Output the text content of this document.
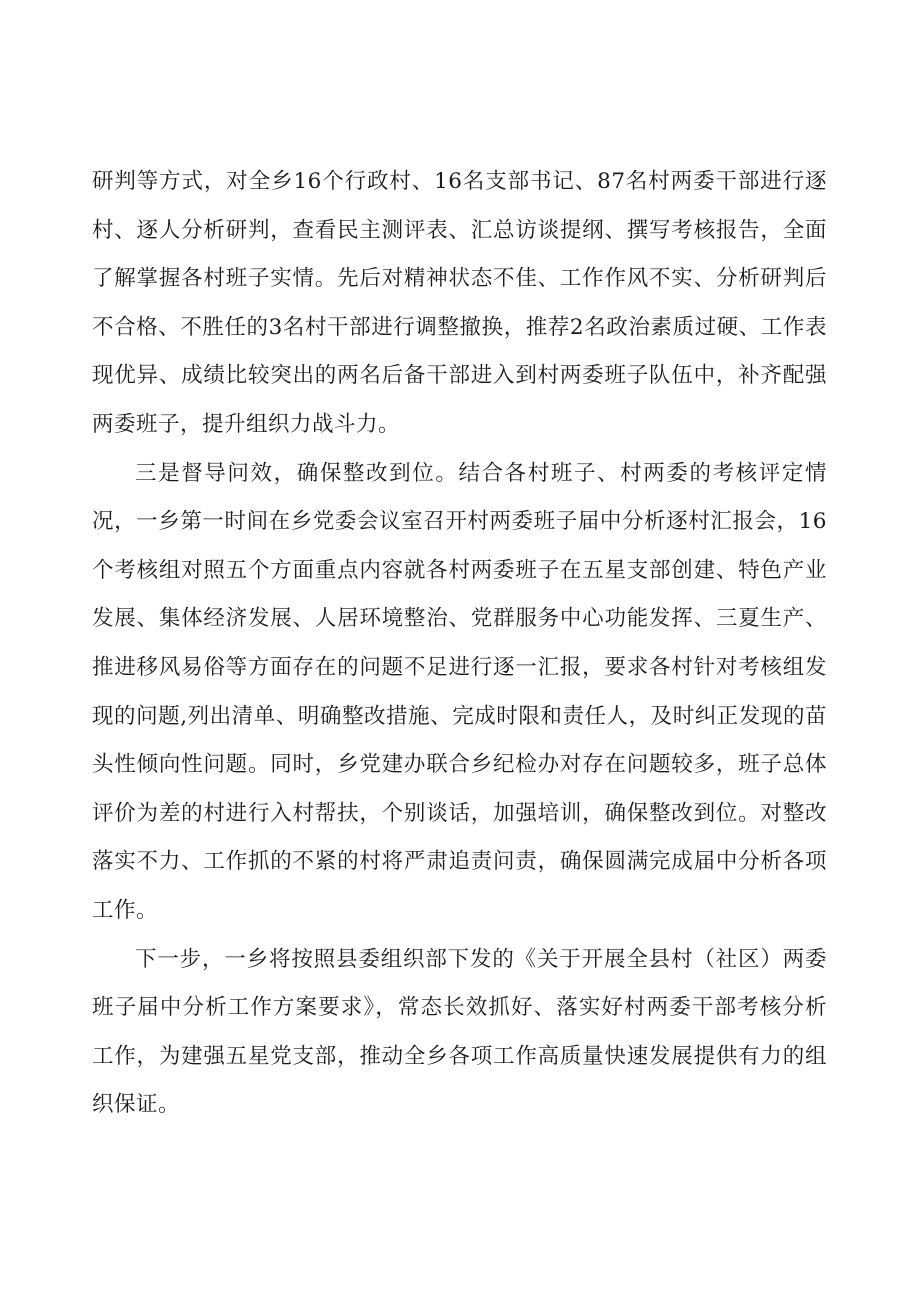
研判等方式，对全乡16个行政村、16名支部书记、87名村两委干部进行逐村、逐人分析研判，查看民主测评表、汇总访谈提纲、撰写考核报告，全面了解掌握各村班子实情。先后对精神状态不佳、工作作风不实、分析研判后不合格、不胜任的3名村干部进行调整撤换，推荐2名政治素质过硬、工作表现优异、成绩比较突出的两名后备干部进入到村两委班子队伍中，补齐配强两委班子，提升组织力战斗力。

三是督导问效，确保整改到位。结合各村班子、村两委的考核评定情况，一乡第一时间在乡党委会议室召开村两委班子届中分析逐村汇报会，16个考核组对照五个方面重点内容就各村两委班子在五星支部创建、特色产业发展、集体经济发展、人居环境整治、党群服务中心功能发挥、三夏生产、推进移风易俗等方面存在的问题不足进行逐一汇报，要求各村针对考核组发现的问题,列出清单、明确整改措施、完成时限和责任人，及时纠正发现的苗头性倾向性问题。同时，乡党建办联合乡纪检办对存在问题较多，班子总体评价为差的村进行入村帮扶，个别谈话，加强培训，确保整改到位。对整改落实不力、工作抓的不紧的村将严肃追责问责，确保圆满完成届中分析各项工作。

下一步，一乡将按照县委组织部下发的《关于开展全县村（社区）两委班子届中分析工作方案要求》，常态长效抓好、落实好村两委干部考核分析工作，为建强五星党支部，推动全乡各项工作高质量快速发展提供有力的组织保证。
